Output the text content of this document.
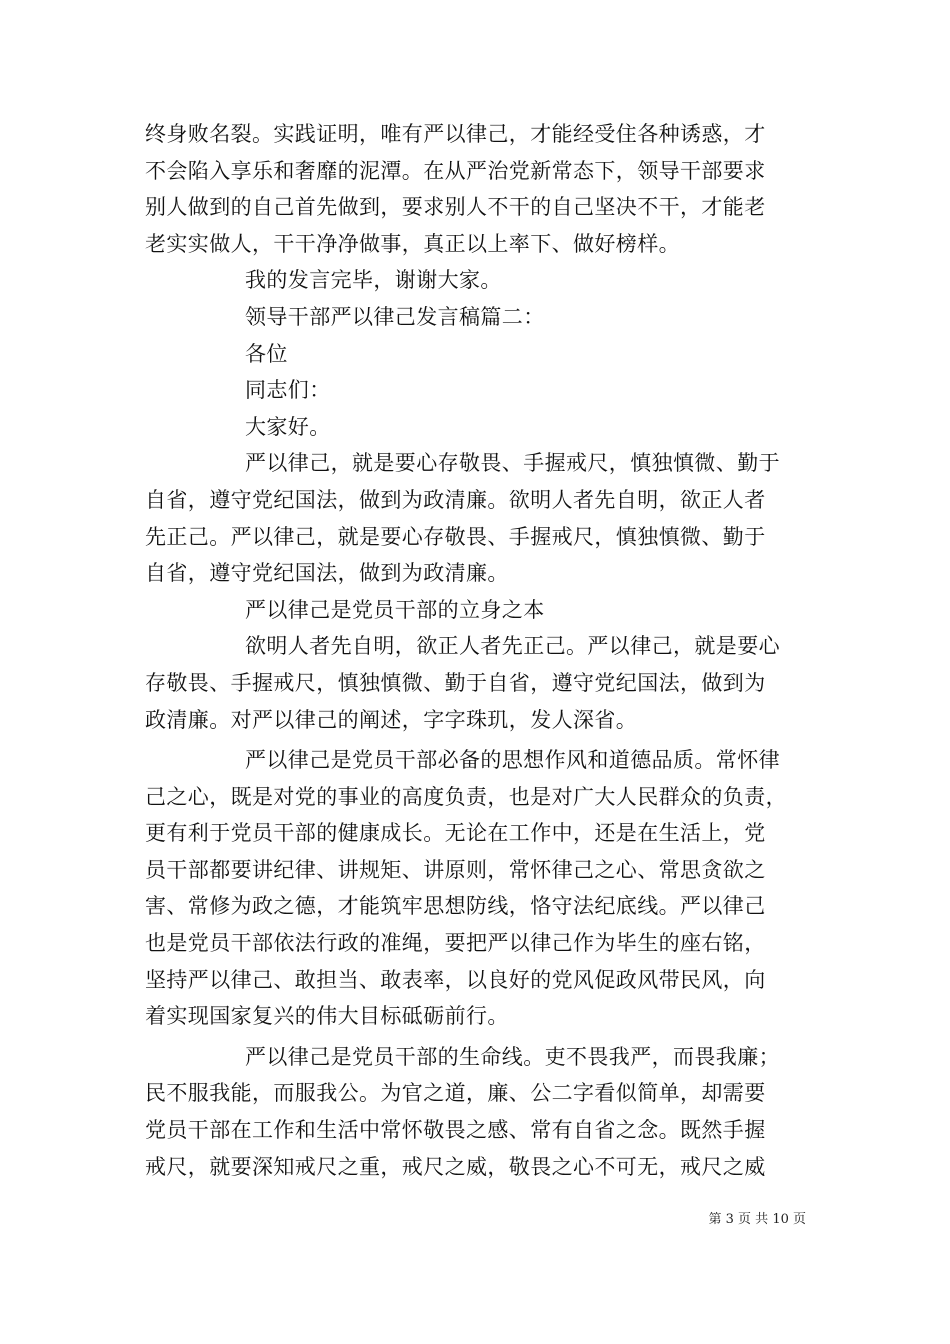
终身败名裂。实践证明，唯有严以律己，才能经受住各种诱惑，才
不会陷入享乐和奢靡的泥潭。在从严治党新常态下，领导干部要求
别人做到的自己首先做到，要求别人不干的自己坚决不干，才能老
老实实做人，干干净净做事，真正以上率下、做好榜样。
我的发言完毕，谢谢大家。
领导干部严以律己发言稿篇二：
各位
同志们：
大家好。
严以律己，就是要心存敬畏、手握戒尺，慎独慎微、勤于
自省，遵守党纪国法，做到为政清廉。欲明人者先自明，欲正人者
先正己。严以律己，就是要心存敬畏、手握戒尺，慎独慎微、勤于
自省，遵守党纪国法，做到为政清廉。
严以律己是党员干部的立身之本
欲明人者先自明，欲正人者先正己。严以律己，就是要心
存敬畏、手握戒尺，慎独慎微、勤于自省，遵守党纪国法，做到为
政清廉。对严以律己的阐述，字字珠玑，发人深省。
严以律己是党员干部必备的思想作风和道德品质。常怀律
己之心，既是对党的事业的高度负责，也是对广大人民群众的负责，
更有利于党员干部的健康成长。无论在工作中，还是在生活上，党
员干部都要讲纪律、讲规矩、讲原则，常怀律己之心、常思贪欲之
害、常修为政之德，才能筑牢思想防线，恪守法纪底线。严以律己
也是党员干部依法行政的准绳，要把严以律己作为毕生的座右铭，
坚持严以律己、敢担当、敢表率，以良好的党风促政风带民风，向
着实现国家复兴的伟大目标砥砺前行。
严以律己是党员干部的生命线。吏不畏我严，而畏我廉；
民不服我能，而服我公。为官之道，廉、公二字看似简单，却需要
党员干部在工作和生活中常怀敬畏之感、常有自省之念。既然手握
戒尺，就要深知戒尺之重，戒尺之威，敬畏之心不可无，戒尺之威
第 3 页 共 10 页
